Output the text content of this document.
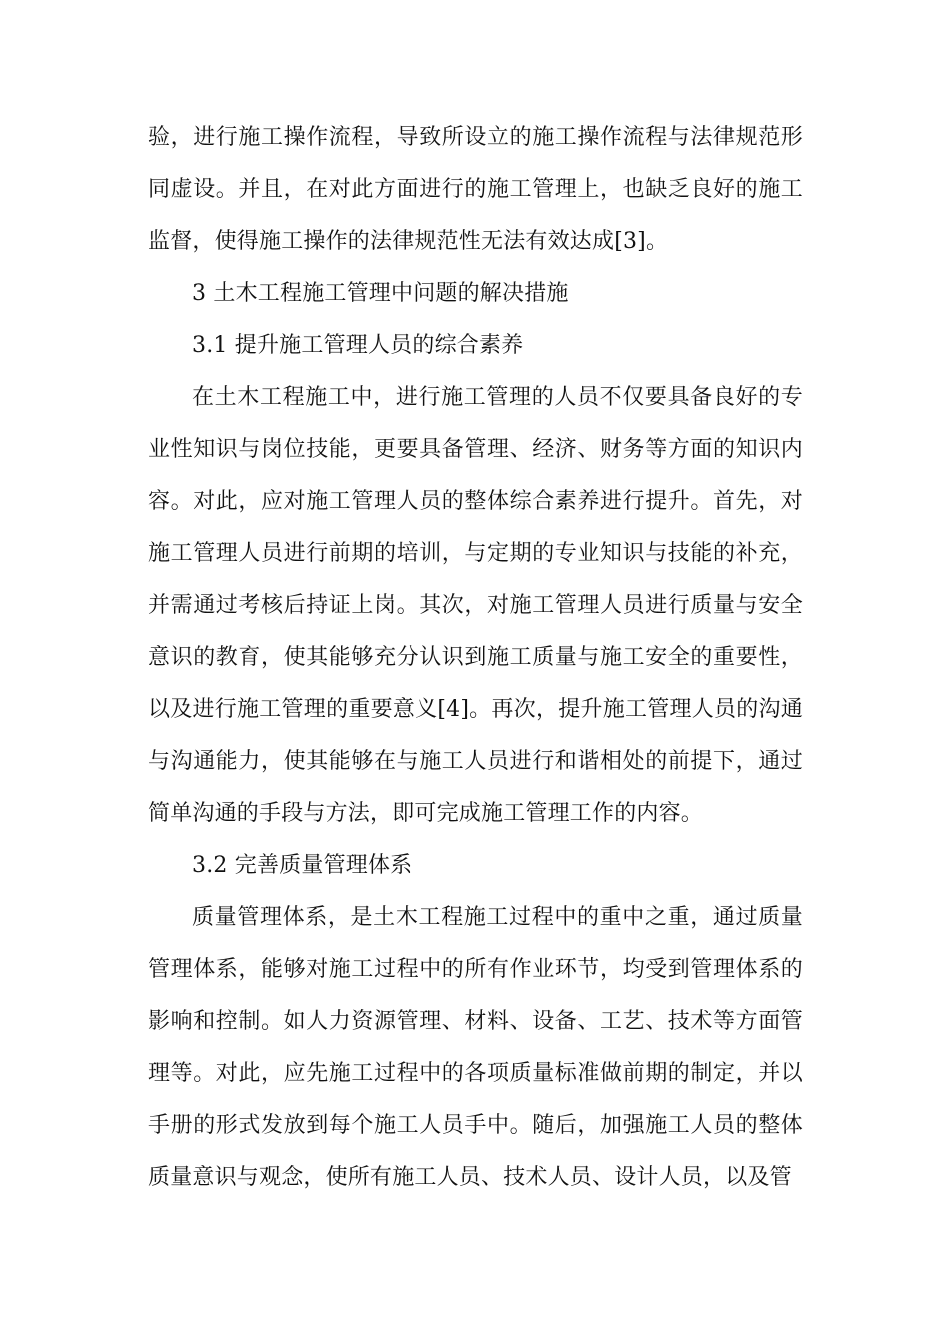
验，进行施工操作流程，导致所设立的施工操作流程与法律规范形同虚设。并且，在对此方面进行的施工管理上，也缺乏良好的施工监督，使得施工操作的法律规范性无法有效达成[3]。

3 土木工程施工管理中问题的解决措施

3.1 提升施工管理人员的综合素养

在土木工程施工中，进行施工管理的人员不仅要具备良好的专业性知识与岗位技能，更要具备管理、经济、财务等方面的知识内容。对此，应对施工管理人员的整体综合素养进行提升。首先，对施工管理人员进行前期的培训，与定期的专业知识与技能的补充，并需通过考核后持证上岗。其次，对施工管理人员进行质量与安全意识的教育，使其能够充分认识到施工质量与施工安全的重要性，以及进行施工管理的重要意义[4]。再次，提升施工管理人员的沟通与沟通能力，使其能够在与施工人员进行和谐相处的前提下，通过简单沟通的手段与方法，即可完成施工管理工作的内容。

3.2 完善质量管理体系

质量管理体系，是土木工程施工过程中的重中之重，通过质量管理体系，能够对施工过程中的所有作业环节，均受到管理体系的影响和控制。如人力资源管理、材料、设备、工艺、技术等方面管理等。对此，应先施工过程中的各项质量标准做前期的制定，并以手册的形式发放到每个施工人员手中。随后，加强施工人员的整体质量意识与观念，使所有施工人员、技术人员、设计人员，以及管
